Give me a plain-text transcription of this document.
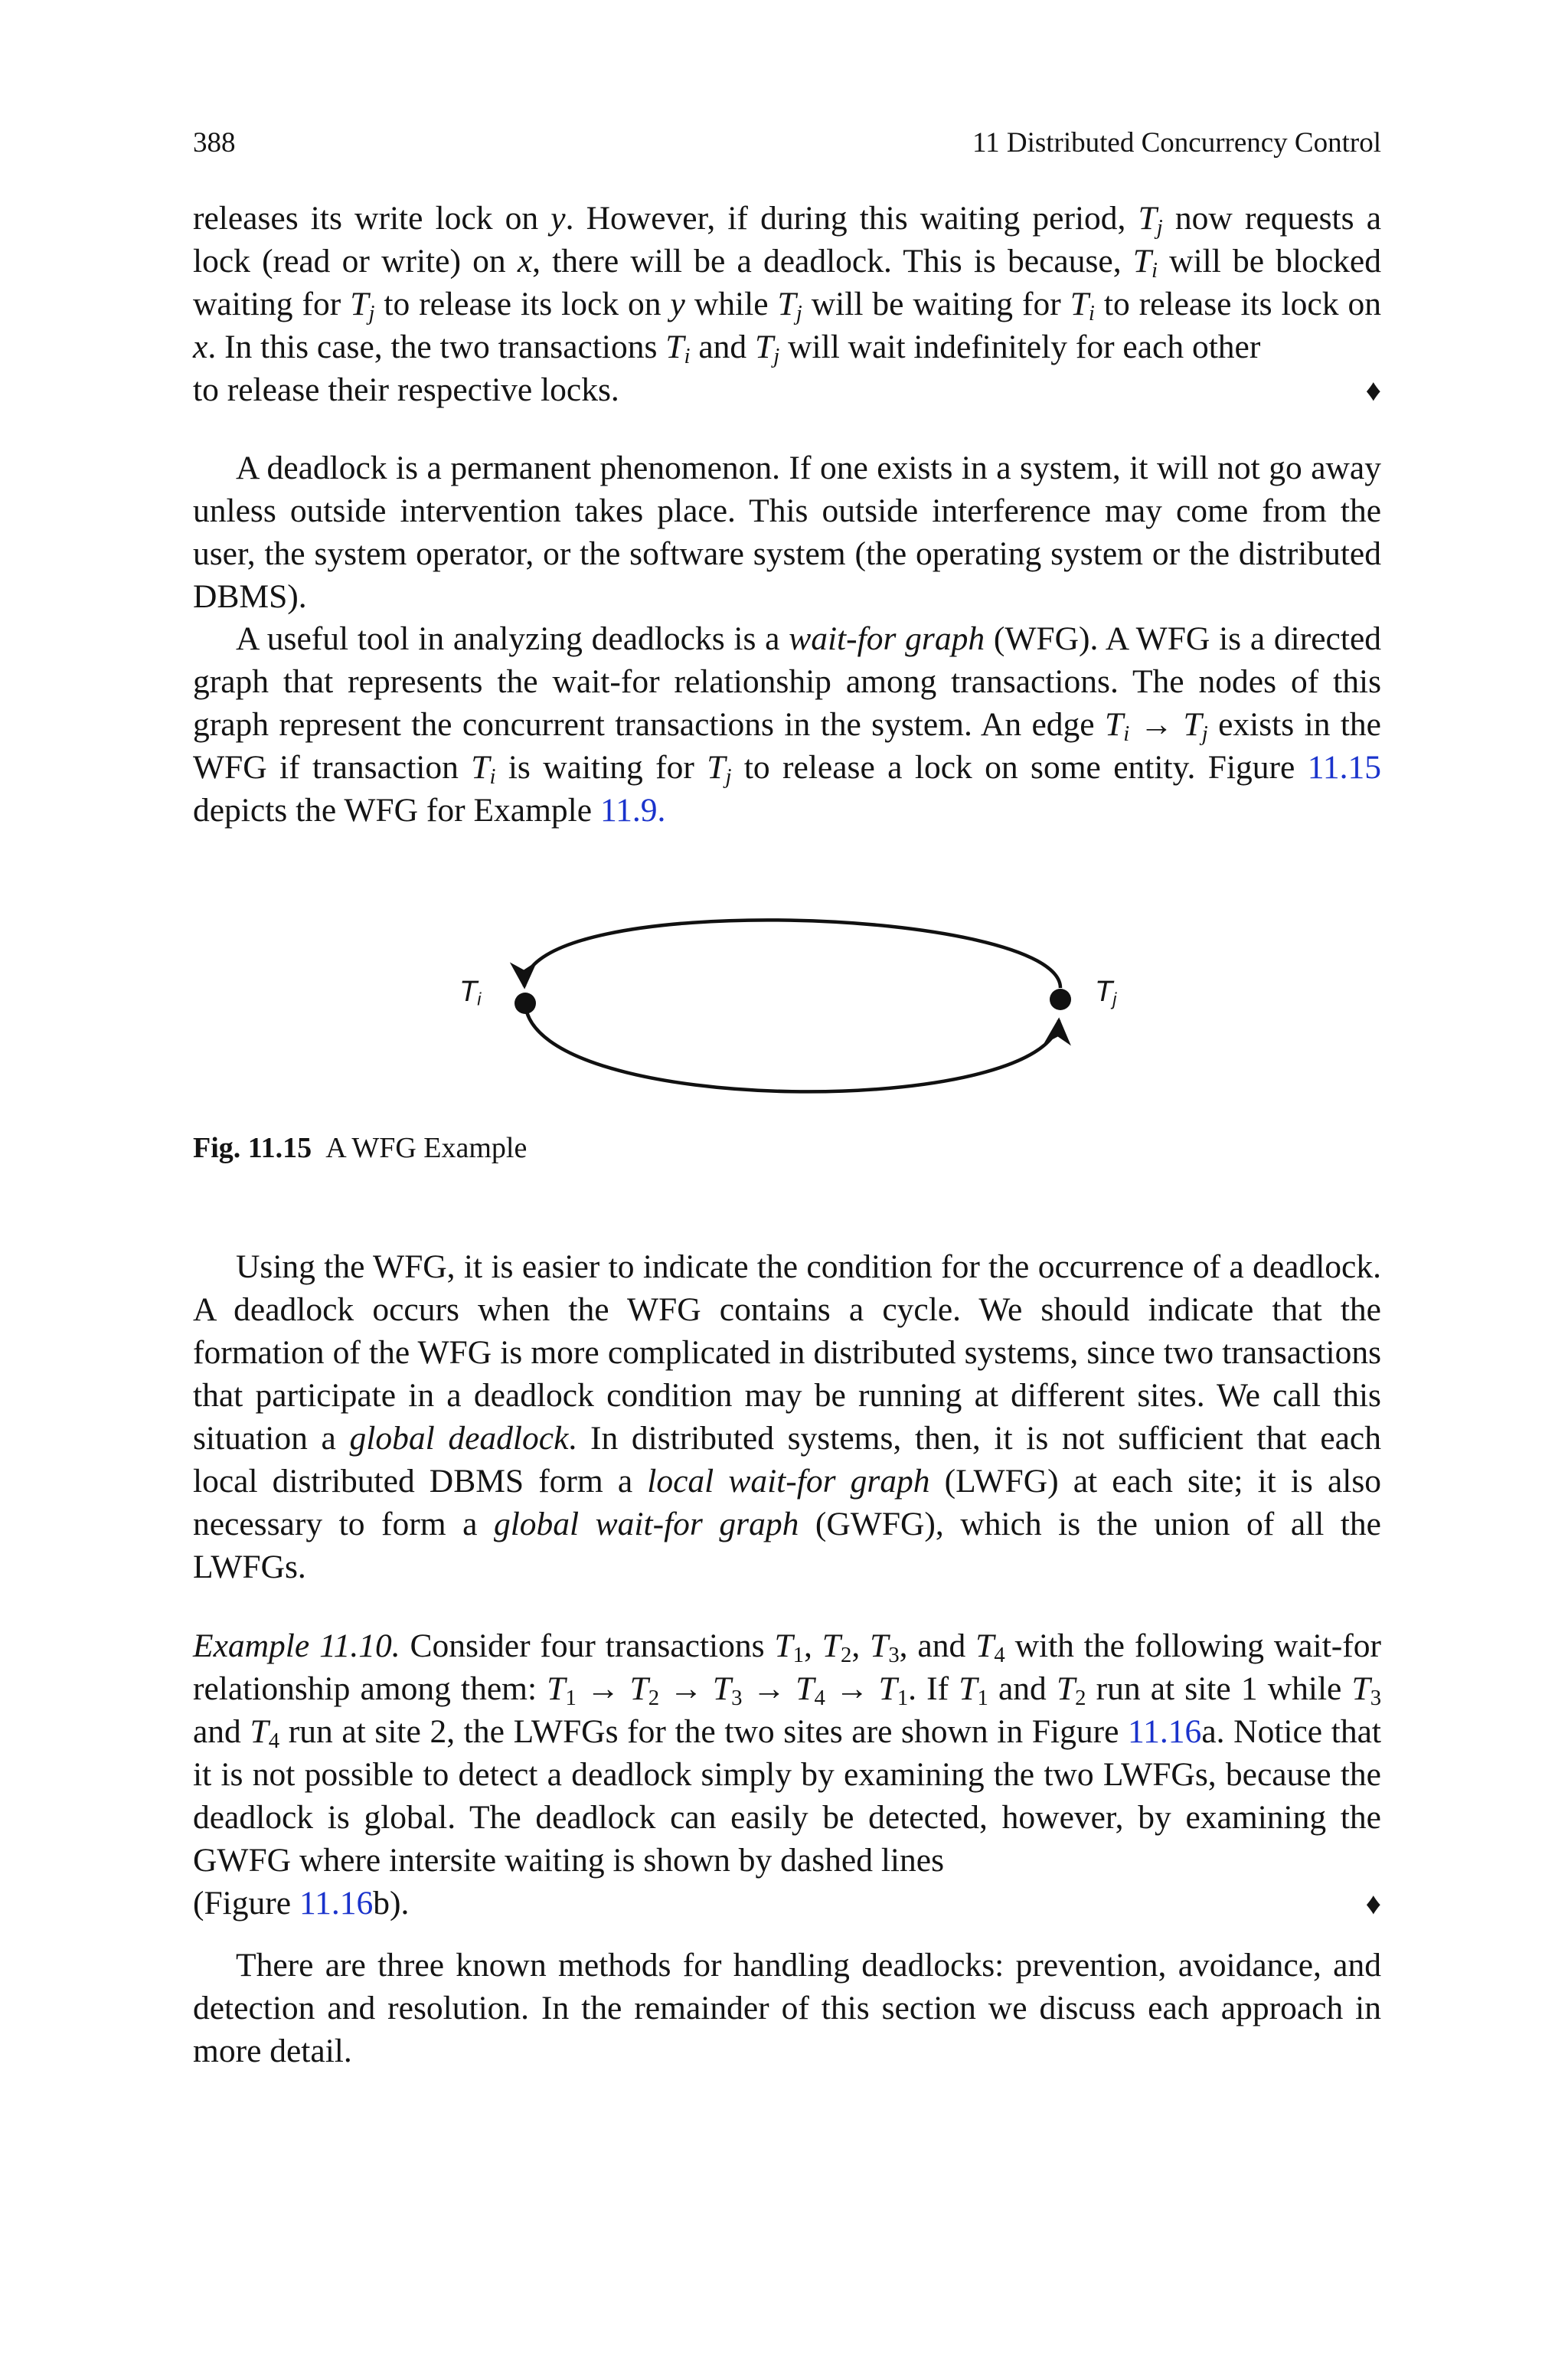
388	11 Distributed Concurrency Control

releases its write lock on y. However, if during this waiting period, $T_j$ now requests a lock (read or write) on x, there will be a deadlock. This is because, $T_i$ will be blocked waiting for $T_j$ to release its lock on y while $T_j$ will be waiting for $T_i$ to release its lock on x. In this case, the two transactions $T_i$ and $T_j$ will wait indefinitely for each other
to release their respective locks.	♦

A deadlock is a permanent phenomenon. If one exists in a system, it will not go away unless outside intervention takes place. This outside interference may come from the user, the system operator, or the software system (the operating system or the distributed DBMS).

A useful tool in analyzing deadlocks is a wait-for graph (WFG). A WFG is a directed graph that represents the wait-for relationship among transactions. The nodes of this graph represent the concurrent transactions in the system. An edge $T_i \to T_j$ exists in the WFG if transaction $T_i$ is waiting for $T_j$ to release a lock on some entity. Figure 11.15 depicts the WFG for Example 11.9.

$T_i$	$T_j$
Fig. 11.15 A WFG Example

Using the WFG, it is easier to indicate the condition for the occurrence of a deadlock. A deadlock occurs when the WFG contains a cycle. We should indicate that the formation of the WFG is more complicated in distributed systems, since two transactions that participate in a deadlock condition may be running at different sites. We call this situation a global deadlock. In distributed systems, then, it is not sufficient that each local distributed DBMS form a local wait-for graph (LWFG) at each site; it is also necessary to form a global wait-for graph (GWFG), which is the union of all the LWFGs.

Example 11.10. Consider four transactions $T_1$, $T_2$, $T_3$, and $T_4$ with the following wait-for relationship among them: $T_1 \to T_2 \to T_3 \to T_4 \to T_1$. If $T_1$ and $T_2$ run at site 1 while $T_3$ and $T_4$ run at site 2, the LWFGs for the two sites are shown in Figure 11.16a. Notice that it is not possible to detect a deadlock simply by examining the two LWFGs, because the deadlock is global. The deadlock can easily be detected, however, by examining the GWFG where intersite waiting is shown by dashed lines
(Figure 11.16b).	♦

There are three known methods for handling deadlocks: prevention, avoidance, and detection and resolution. In the remainder of this section we discuss each approach in more detail.
